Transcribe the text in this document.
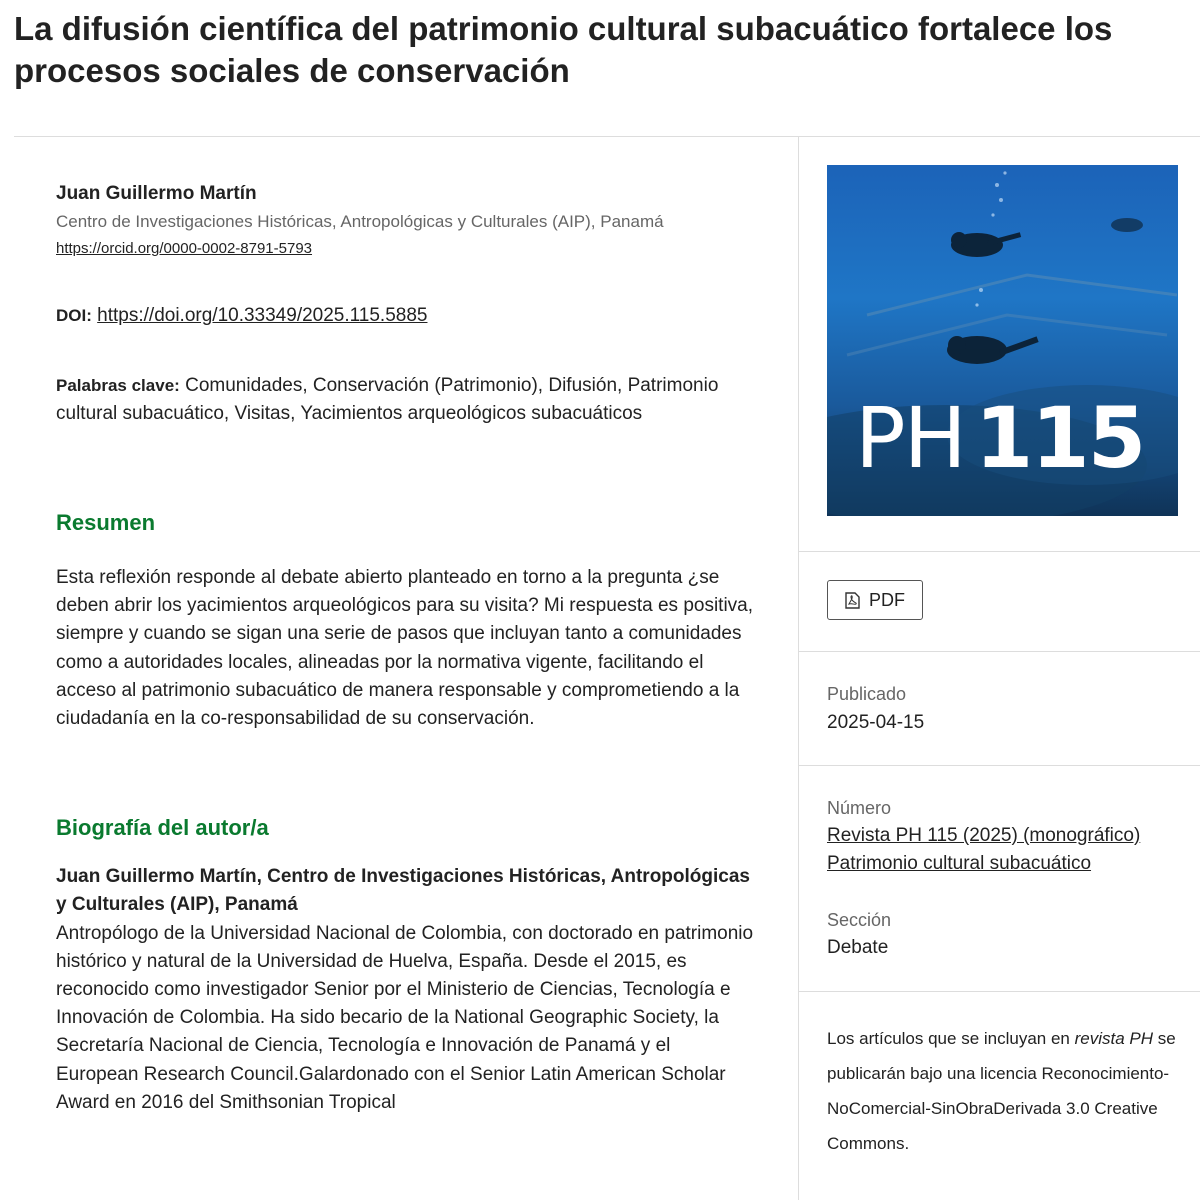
La difusión científica del patrimonio cultural subacuático fortalece los procesos sociales de conservación
Juan Guillermo Martín
Centro de Investigaciones Históricas, Antropológicas y Culturales (AIP), Panamá
https://orcid.org/0000-0002-8791-5793
DOI: https://doi.org/10.33349/2025.115.5885
Palabras clave: Comunidades, Conservación (Patrimonio), Difusión, Patrimonio cultural subacuático, Visitas, Yacimientos arqueológicos subacuáticos
Resumen
Esta reflexión responde al debate abierto planteado en torno a la pregunta ¿se deben abrir los yacimientos arqueológicos para su visita? Mi respuesta es positiva, siempre y cuando se sigan una serie de pasos que incluyan tanto a comunidades como a autoridades locales, alineadas por la normativa vigente, facilitando el acceso al patrimonio subacuático de manera responsable y comprometiendo a la ciudadanía en la co-responsabilidad de su conservación.
Biografía del autor/a
Juan Guillermo Martín, Centro de Investigaciones Históricas, Antropológicas y Culturales (AIP), Panamá
Antropólogo de la Universidad Nacional de Colombia, con doctorado en patrimonio histórico y natural de la Universidad de Huelva, España. Desde el 2015, es reconocido como investigador Senior por el Ministerio de Ciencias, Tecnología e Innovación de Colombia. Ha sido becario de la National Geographic Society, la Secretaría Nacional de Ciencia, Tecnología e Innovación de Panamá y el European Research Council.Galardonado con el Senior Latin American Scholar Award en 2016 del Smithsonian Tropical
PH 115
PDF
Publicado
2025-04-15
Número
Revista PH 115 (2025) (monográfico) Patrimonio cultural subacuático
Sección
Debate
Los artículos que se incluyan en revista PH se publicarán bajo una licencia Reconocimiento-NoComercial-SinObraDerivada 3.0 Creative Commons.
